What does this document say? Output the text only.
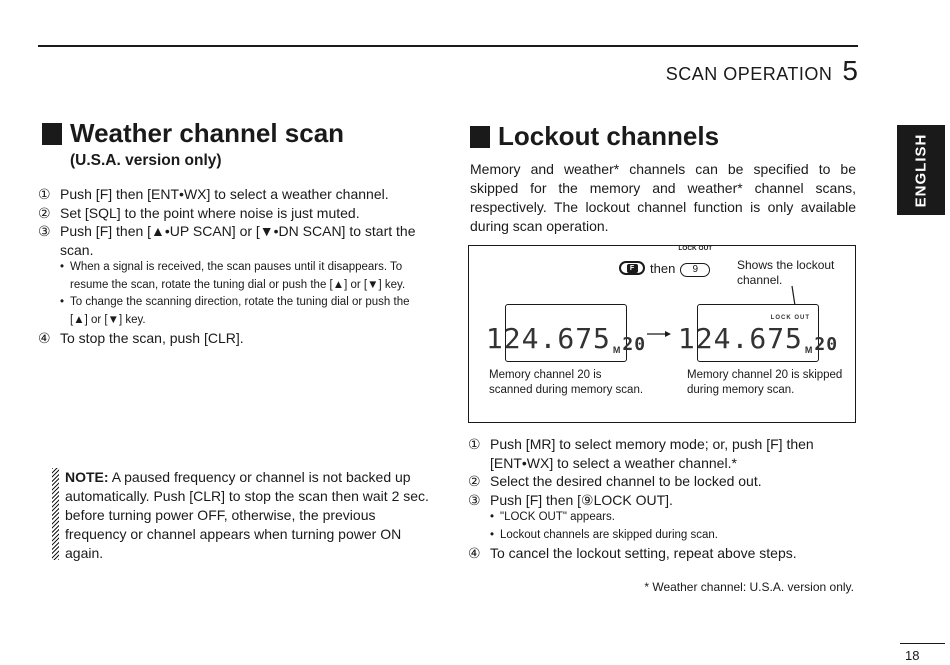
SCAN OPERATION 5
ENGLISH
Weather channel scan
(U.S.A. version only)
① Push [F] then [ENT•WX] to select a weather channel.
② Set [SQL] to the point where noise is just muted.
③ Push [F] then [▲•UP SCAN] or [▼•DN SCAN] to start the scan.
• When a signal is received, the scan pauses until it disappears. To resume the scan, rotate the tuning dial or push the [▲] or [▼] key.
• To change the scanning direction, rotate the tuning dial or push the [▲] or [▼] key.
④ To stop the scan, push [CLR].
NOTE: A paused frequency or channel is not backed up automatically. Push [CLR] to stop the scan then wait 2 sec. before turning power OFF, otherwise, the previous frequency or channel appears when turning power ON again.
Lockout channels
Memory and weather* channels can be specified to be skipped for the memory and weather* channel scans, respectively. The lockout channel function is only available during scan operation.
F then
LOCK OUT
9	Shows the lockout channel.
124.675 M 20
LOCK OUT
124.675 M 20
Memory channel 20 is scanned during memory scan.
Memory channel 20 is skipped during memory scan.
① Push [MR] to select memory mode; or, push [F] then [ENT•WX] to select a weather channel.*
② Select the desired channel to be locked out.
③ Push [F] then [⑨LOCK OUT].
• "LOCK OUT" appears.
• Lockout channels are skipped during scan.
④ To cancel the lockout setting, repeat above steps.
* Weather channel: U.S.A. version only.
18
